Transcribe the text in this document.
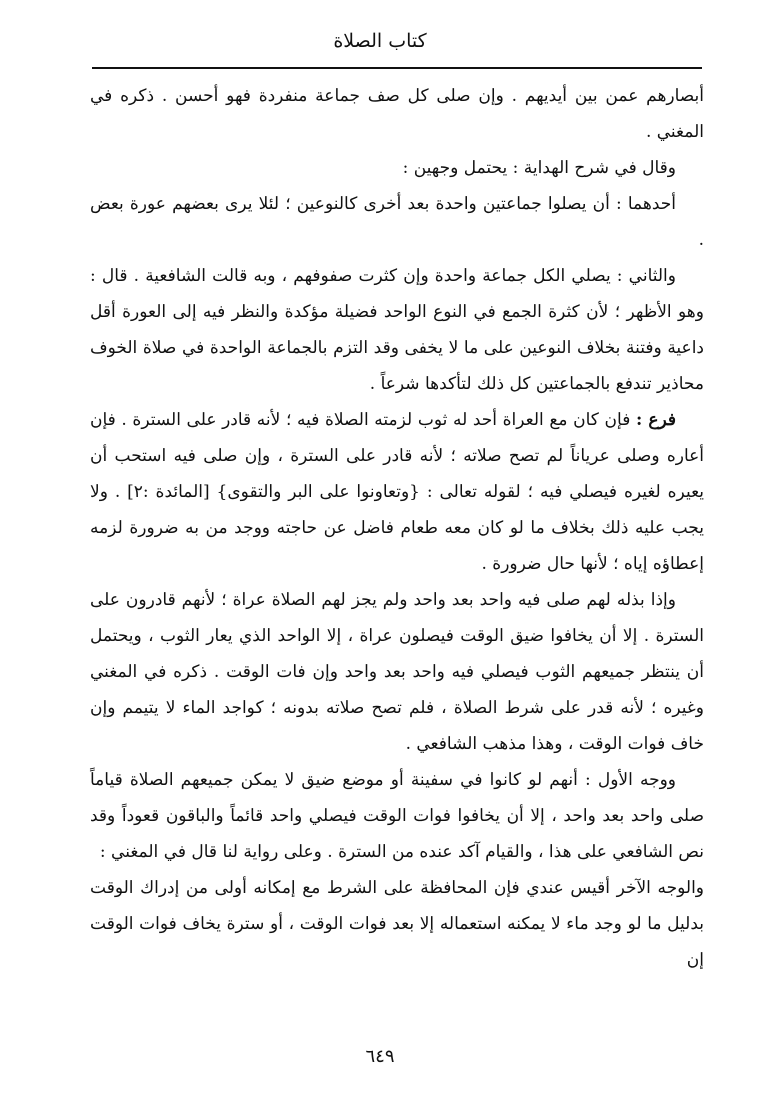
كتاب الصلاة

أبصارهم عمن بين أيديهم . وإن صلى كل صف جماعة منفردة فهو أحسن . ذكره في المغني .

وقال في شرح الهداية : يحتمل وجهين :

أحدهما : أن يصلوا جماعتين واحدة بعد أخرى كالنوعين ؛ لئلا يرى بعضهم عورة بعض .

والثاني : يصلي الكل جماعة واحدة وإن كثرت صفوفهم ، وبه قالت الشافعية . قال : وهو الأظهر ؛ لأن كثرة الجمع في النوع الواحد فضيلة مؤكدة والنظر فيه إلى العورة أقل داعية وفتنة بخلاف النوعين على ما لا يخفى وقد التزم بالجماعة الواحدة في صلاة الخوف محاذير تندفع بالجماعتين كل ذلك لتأكدها شرعاً .

فرع : فإن كان مع العراة أحد له ثوب لزمته الصلاة فيه ؛ لأنه قادر على السترة . فإن أعاره وصلى عرياناً لم تصح صلاته ؛ لأنه قادر على السترة ، وإن صلى فيه استحب أن يعيره لغيره فيصلي فيه ؛ لقوله تعالى : {وتعاونوا على البر والتقوى} [المائدة :٢] . ولا يجب عليه ذلك بخلاف ما لو كان معه طعام فاضل عن حاجته ووجد من به ضرورة لزمه إعطاؤه إياه ؛ لأنها حال ضرورة .

وإذا بذله لهم صلى فيه واحد بعد واحد ولم يجز لهم الصلاة عراة ؛ لأنهم قادرون على السترة . إلا أن يخافوا ضيق الوقت فيصلون عراة ، إلا الواحد الذي يعار الثوب ، ويحتمل أن ينتظر جميعهم الثوب فيصلي فيه واحد بعد واحد وإن فات الوقت . ذكره في المغني وغيره ؛ لأنه قدر على شرط الصلاة ، فلم تصح صلاته بدونه ؛ كواجد الماء لا يتيمم وإن خاف فوات الوقت ، وهذا مذهب الشافعي .

ووجه الأول : أنهم لو كانوا في سفينة أو موضع ضيق لا يمكن جميعهم الصلاة قياماً صلى واحد بعد واحد ، إلا أن يخافوا فوات الوقت فيصلي واحد قائماً والباقون قعوداً وقد نص الشافعي على هذا ، والقيام آكد عنده من السترة . وعلى رواية لنا قال في المغني :

والوجه الآخر أقيس عندي فإن المحافظة على الشرط مع إمكانه أولى من إدراك الوقت بدليل ما لو وجد ماء لا يمكنه استعماله إلا بعد فوات الوقت ، أو سترة يخاف فوات الوقت إن

٦٤٩
